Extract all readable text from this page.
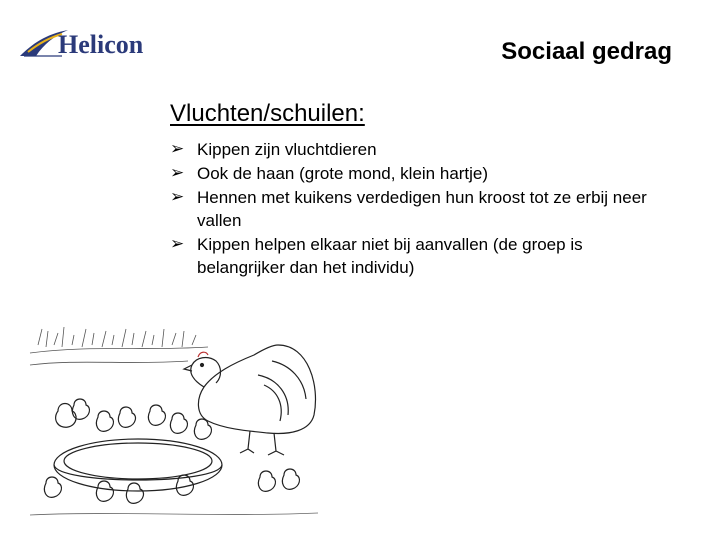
Helicon	Sociaal gedrag
Vluchten/schuilen:
➢ Kippen zijn vluchtdieren
➢ Ook de haan (grote mond, klein hartje)
➢ Hennen met kuikens verdedigen hun kroost tot ze erbij neer vallen
➢ Kippen helpen elkaar niet bij aanvallen (de groep is belangrijker dan het individu)
